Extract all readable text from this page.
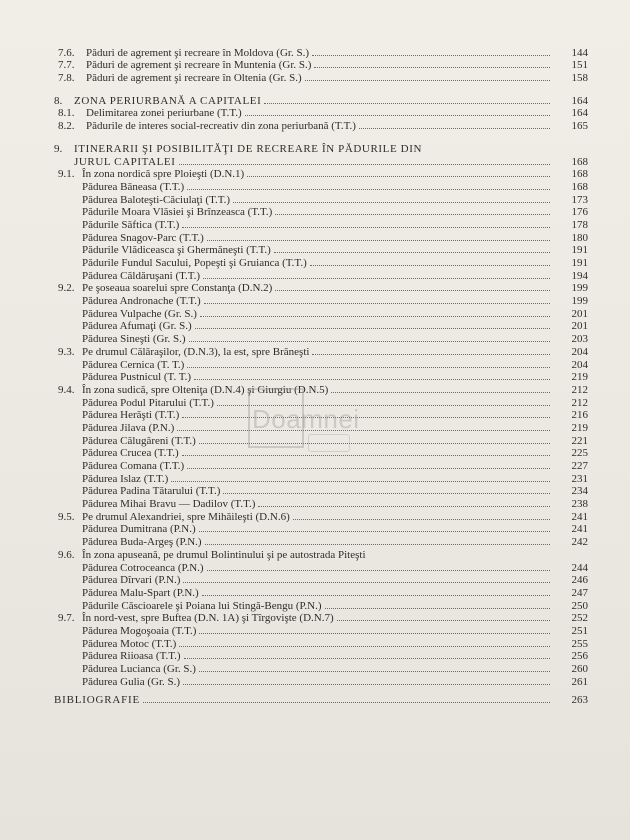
7.6.	Păduri de agrement şi recreare în Moldova (Gr. S.)	144
7.7.	Păduri de agrement şi recreare în Muntenia (Gr. S.)	151
7.8.	Păduri de agrement şi recreare în Oltenia (Gr. S.)	158
8.	ZONA PERIURBANĂ A CAPITALEI	164
8.1.	Delimitarea zonei periurbane (T.T.)	164
8.2.	Pădurile de interes social-recreativ din zona periurbană (T.T.)	165
9.	ITINERARII ŞI POSIBILITĂŢI DE RECREARE ÎN PĂDURILE DIN
JURUL CAPITALEI	168
9.1. În zona nordică spre Ploieşti (D.N.1)	168
Pădurea Băneasa (T.T.)	168
Pădurea Baloteşti-Căciulaţi (T.T.)	173
Pădurile Moara Vlăsiei şi Brînzeasca (T.T.)	176
Pădurile Săftica (T.T.)	178
Pădurea Snagov-Parc (T.T.)	180
Pădurile Vlădiceasca şi Ghermăneşti (T.T.)	191
Pădurile Fundul Sacului, Popeşti şi Gruianca (T.T.)	191
Pădurea Căldăruşani (T.T.)	194
9.2. Pe şoseaua soarelui spre Constanţa (D.N.2)	199
Pădurea Andronache (T.T.)	199
Pădurea Vulpache (Gr. S.)	201
Pădurea Afumaţi (Gr. S.)	201
Pădurea Sineşti (Gr. S.)	203
9.3. Pe drumul Călăraşilor, (D.N.3), la est, spre Brăneşti	204
Pădurea Cernica (T. T.)	204
Pădurea Pustnicul (T. T.)	219
9.4. În zona sudică, spre Olteniţa (D.N.4) şi Giurgiu (D.N.5)	212
Pădurea Podul Pitarului (T.T.)	212
Pădurea Herăşti (T.T.)	216
Pădurea Jilava (P.N.)	219
Pădurea Călugăreni (T.T.)	221
Pădurea Crucea (T.T.)	225
Pădurea Comana (T.T.)	227
Pădurea Islaz (T.T.)	231
Pădurea Padina Tătarului (T.T.)	234
Pădurea Mihai Bravu — Dadilov (T.T.)	238
9.5. Pe drumul Alexandriei, spre Mihăileşti (D.N.6)	241
Pădurea Dumitrana (P.N.)	241
Pădurea Buda-Argeş (P.N.)	242
9.6. În zona apuseană, pe drumul Bolintinului şi pe autostrada Piteşti
Pădurea Cotroceanca (P.N.)	244
Pădurea Dîrvari (P.N.)	246
Pădurea Malu-Spart (P.N.)	247
Pădurile Căscioarele şi Poiana lui Stingă-Bengu (P.N.)	250
9.7. În nord-vest, spre Buftea (D.N. 1A) şi Tîrgovişte (D.N.7)	252
Pădurea Mogoşoaia (T.T.)	251
Pădurea Motoc (T.T.)	255
Pădurea Riioasa (T.T.)	256
Pădurea Lucianca (Gr. S.)	260
Pădurea Gulia (Gr. S.)	261
BIBLIOGRAFIE	263
Doamnei
